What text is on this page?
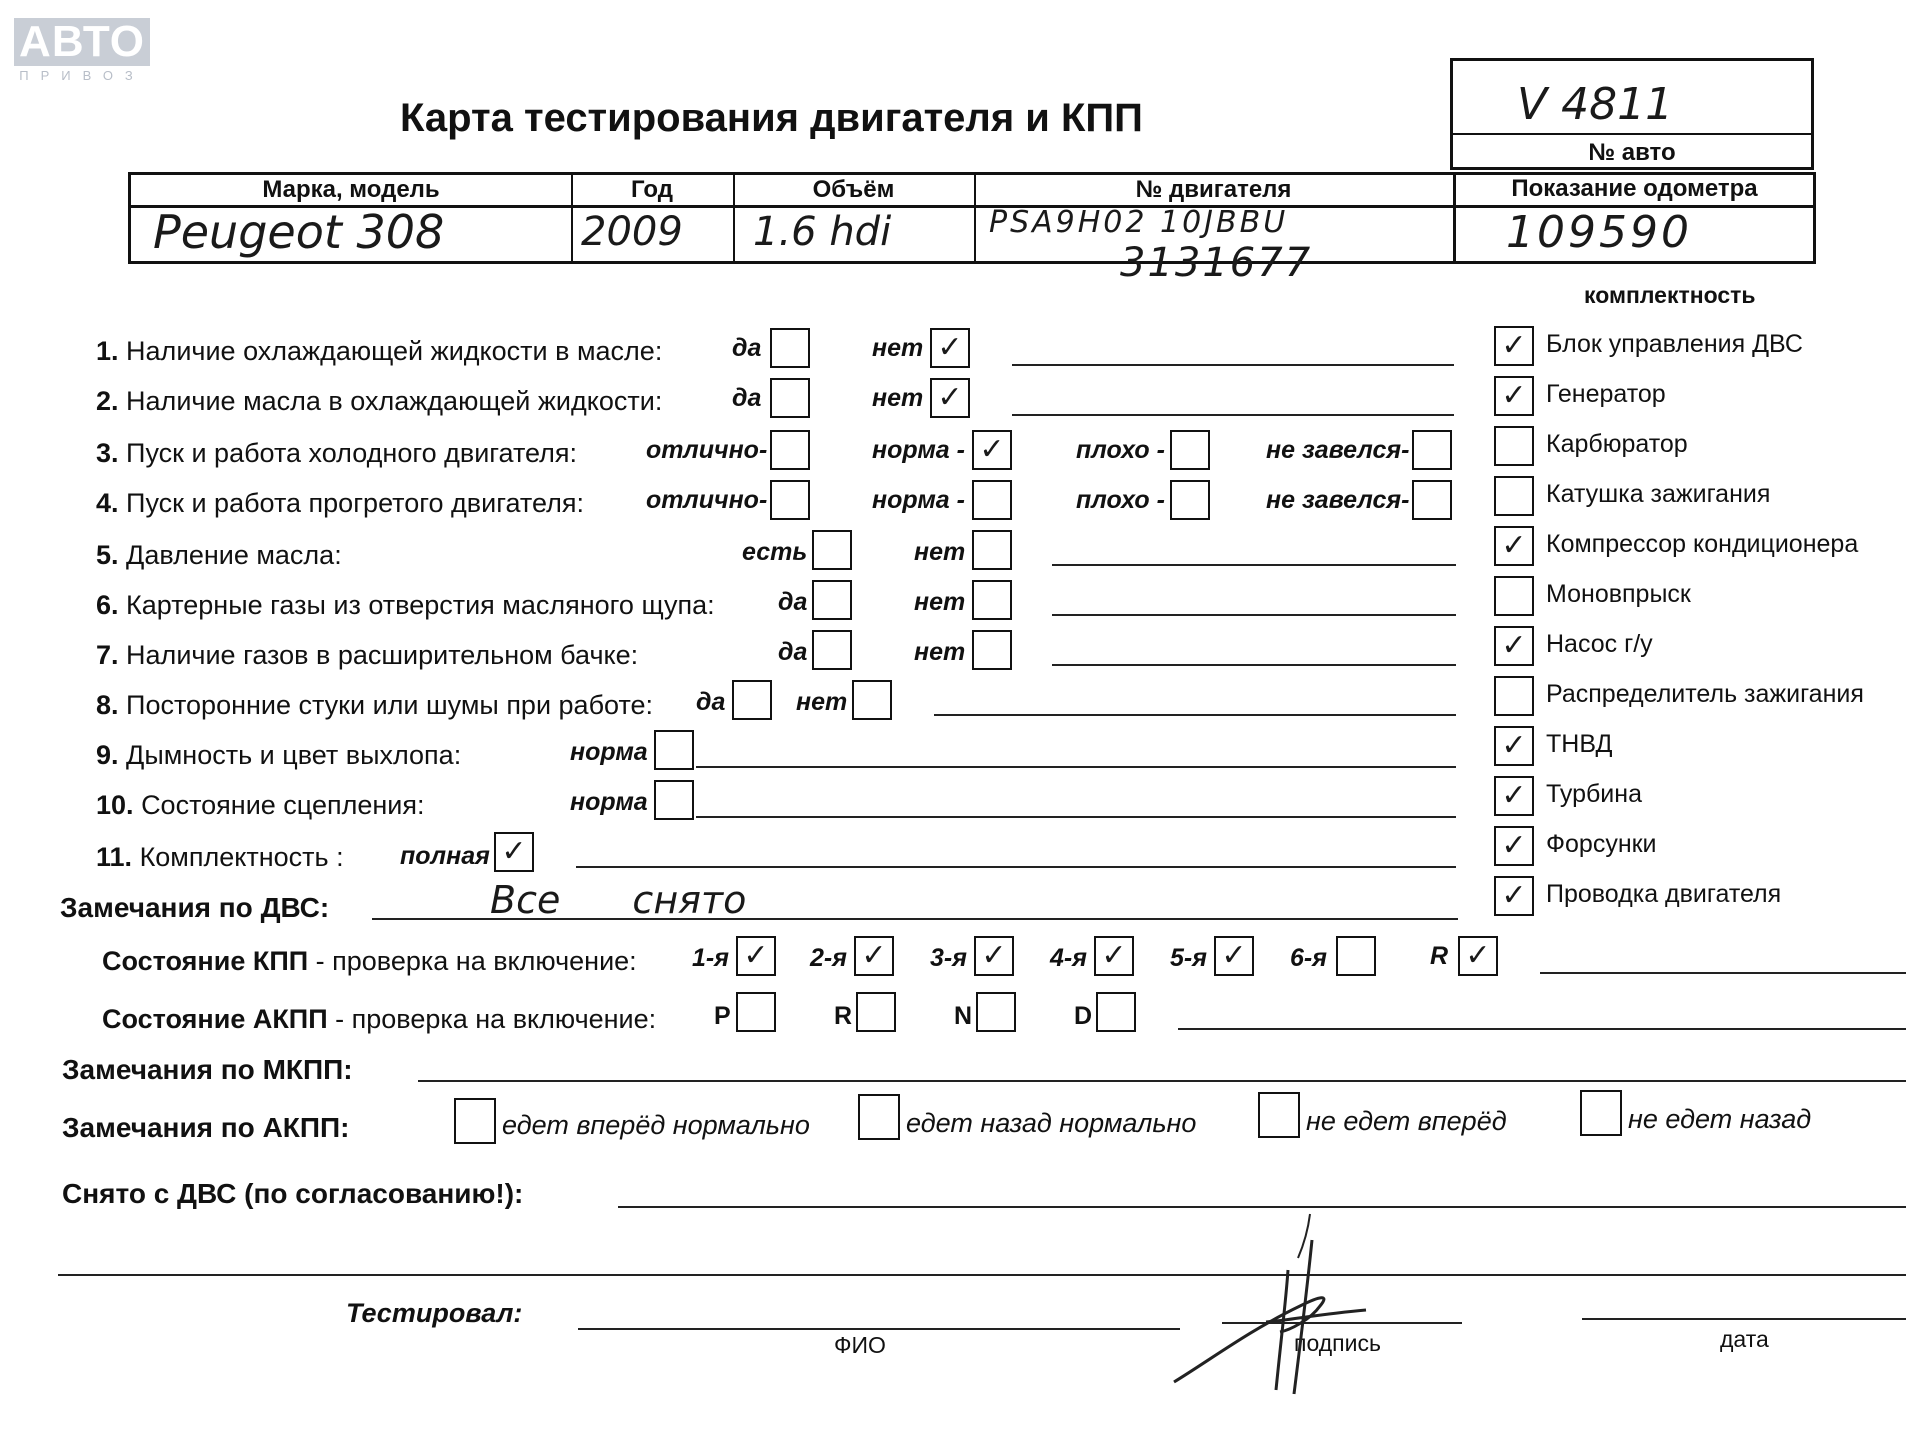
АВТО
ПРИВОЗ
Карта тестирования двигателя и КПП	V 4811
№ авто
Марка, модель	Год	Объём	№ двигателя	Показание одометра
Peugeot 308	2009 1.6 hdi	PSA9H02 10JBBU	109590
3131677
комплектность
✓ Блок управления ДВС
✓ Генератор
Карбюратор
Катушка зажигания
✓ Компрессор кондиционера
Моновпрыск
✓ Насос г/у
Распределитель зажигания
✓ ТНВД
✓ Турбина
✓ Форсунки
✓ Проводка двигателя
1. Наличие охлаждающей жидкости в масле:	да	нет ✓
2. Наличие масла в охлаждающей жидкости:	да	нет ✓
3. Пуск и работа холодного двигателя:	отлично-	норма - ✓	плохо -	не завелся-
4. Пуск и работа прогретого двигателя: отлично-	норма -	плохо -	не завелся-
5. Давление масла:	есть	нет
6. Картерные газы из отверстия масляного щупа:	да	нет
7. Наличие газов в расширительном бачке:	да	нет
8. Посторонние стуки или шумы при работе: да	нет
9. Дымность и цвет выхлопа:	норма
10. Состояние сцепления:	норма
11. Комплектность : полная ✓
Замечания по ДВС:	Все снято
Состояние КПП - проверка на включение: 1-я ✓ 2-я ✓ 3-я ✓ 4-я ✓ 5-я ✓ 6-я	R ✓
Состояние АКПП - проверка на включение: P	R	N	D
Замечания по МКПП:
Замечания по АКПП:	едет вперёд нормально	едет назад нормально	не едет вперёд	не едет назад
Снято с ДВС (по согласованию!):
Тестировал:
ФИО	подпись	дата
